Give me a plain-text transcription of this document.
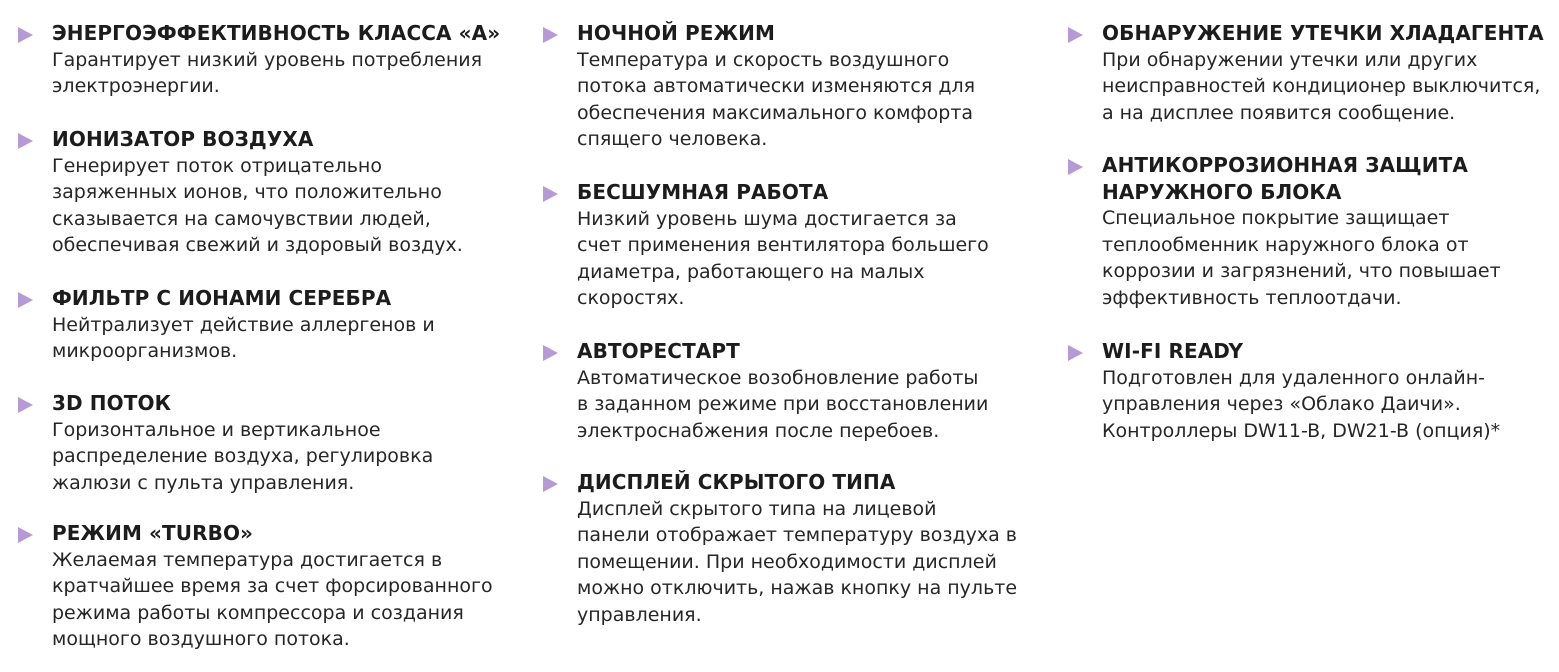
ЭНЕРГОЭФФЕКТИВНОСТЬ КЛАССА «А»
Гарантирует низкий уровень потребления
электроэнергии.
ИОНИЗАТОР ВОЗДУХА
Генерирует поток отрицательно
заряженных ионов, что положительно
сказывается на самочувствии людей,
обеспечивая свежий и здоровый воздух.
ФИЛЬТР С ИОНАМИ СЕРЕБРА
Нейтрализует действие аллергенов и
микроорганизмов.
3D ПОТОК
Горизонтальное и вертикальное
распределение воздуха, регулировка
жалюзи с пульта управления.
РЕЖИМ «TURBO»
Желаемая температура достигается в
кратчайшее время за счет форсированного
режима работы компрессора и создания
мощного воздушного потока.
НОЧНОЙ РЕЖИМ
Температура и скорость воздушного
потока автоматически изменяются для
обеспечения максимального комфорта
спящего человека.
БЕСШУМНАЯ РАБОТА
Низкий уровень шума достигается за
счет применения вентилятора большего
диаметра, работающего на малых
скоростях.
АВТОРЕСТАРТ
Автоматическое возобновление работы
в заданном режиме при восстановлении
электроснабжения после перебоев.
ДИСПЛЕЙ СКРЫТОГО ТИПА
Дисплей скрытого типа на лицевой
панели отображает температуру воздуха в
помещении. При необходимости дисплей
можно отключить, нажав кнопку на пульте
управления.
ОБНАРУЖЕНИЕ УТЕЧКИ ХЛАДАГЕНТА
При обнаружении утечки или других
неисправностей кондиционер выключится,
а на дисплее появится сообщение.
АНТИКОРРОЗИОННАЯ ЗАЩИТА
НАРУЖНОГО БЛОКА
Специальное покрытие защищает
теплообменник наружного блока от
коррозии и загрязнений, что повышает
эффективность теплоотдачи.
WI-FI READY
Подготовлен для удаленного онлайн-
управления через «Облако Даичи».
Контроллеры DW11-B, DW21-B (опция)*
